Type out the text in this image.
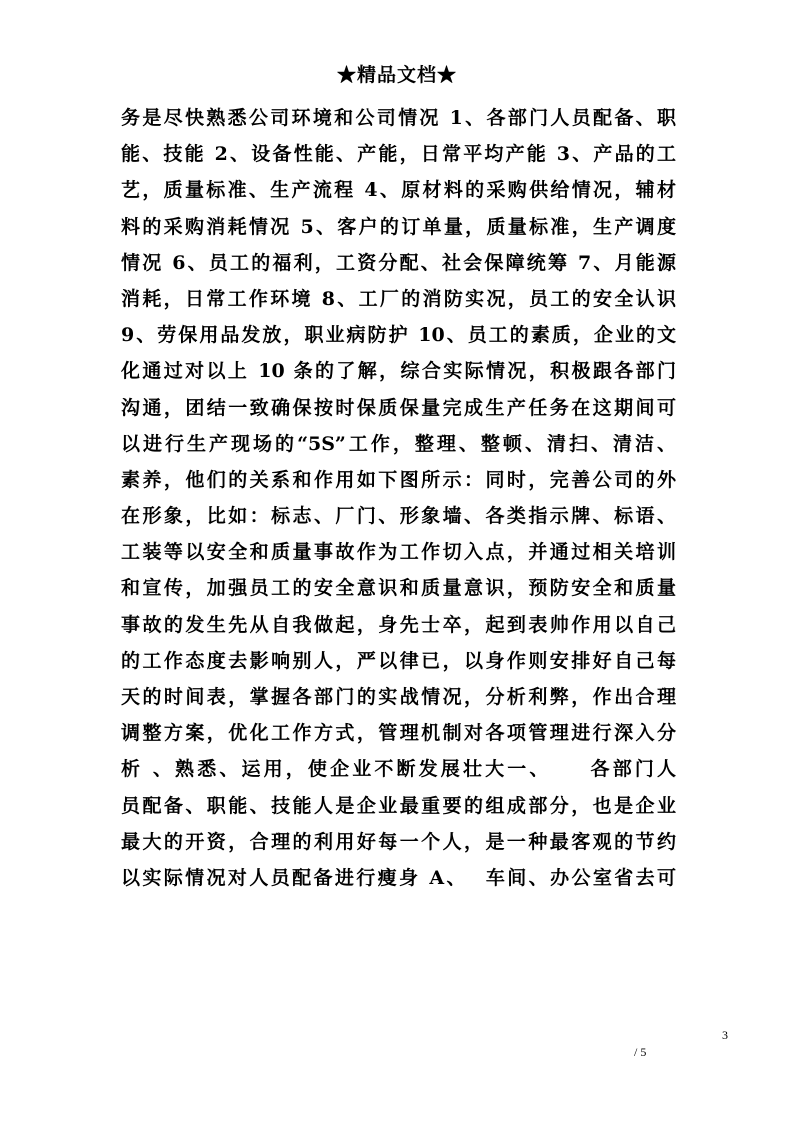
★精品文档★
务是尽快熟悉公司环境和公司情况 1、各部门人员配备、职
能、技能 2、设备性能、产能，日常平均产能 3、产品的工
艺，质量标准、生产流程 4、原材料的采购供给情况，辅材
料的采购消耗情况 5、客户的订单量，质量标准，生产调度
情况 6、员工的福利，工资分配、社会保障统筹 7、月能源
消耗，日常工作环境 8、工厂的消防实况，员工的安全认识
9、劳保用品发放，职业病防护 10、员工的素质，企业的文
化通过对以上 10 条的了解，综合实际情况，积极跟各部门
沟通，团结一致确保按时保质保量完成生产任务在这期间可
以进行生产现场的“5S”工作，整理、整顿、清扫、清洁、
素养，他们的关系和作用如下图所示：同时，完善公司的外
在形象，比如：标志、厂门、形象墙、各类指示牌、标语、
工装等以安全和质量事故作为工作切入点，并通过相关培训
和宣传，加强员工的安全意识和质量意识，预防安全和质量
事故的发生先从自我做起，身先士卒，起到表帅作用以自己
的工作态度去影响别人，严以律已，以身作则安排好自己每
天的时间表，掌握各部门的实战情况，分析利弊，作出合理
调整方案，优化工作方式，管理机制对各项管理进行深入分
析 、熟悉、运用，使企业不断发展壮大一、    各部门人
员配备、职能、技能人是企业最重要的组成部分，也是企业
最大的开资，合理的利用好每一个人，是一种最客观的节约
以实际情况对人员配备进行瘦身 A、  车间、办公室省去可
3
/ 5
